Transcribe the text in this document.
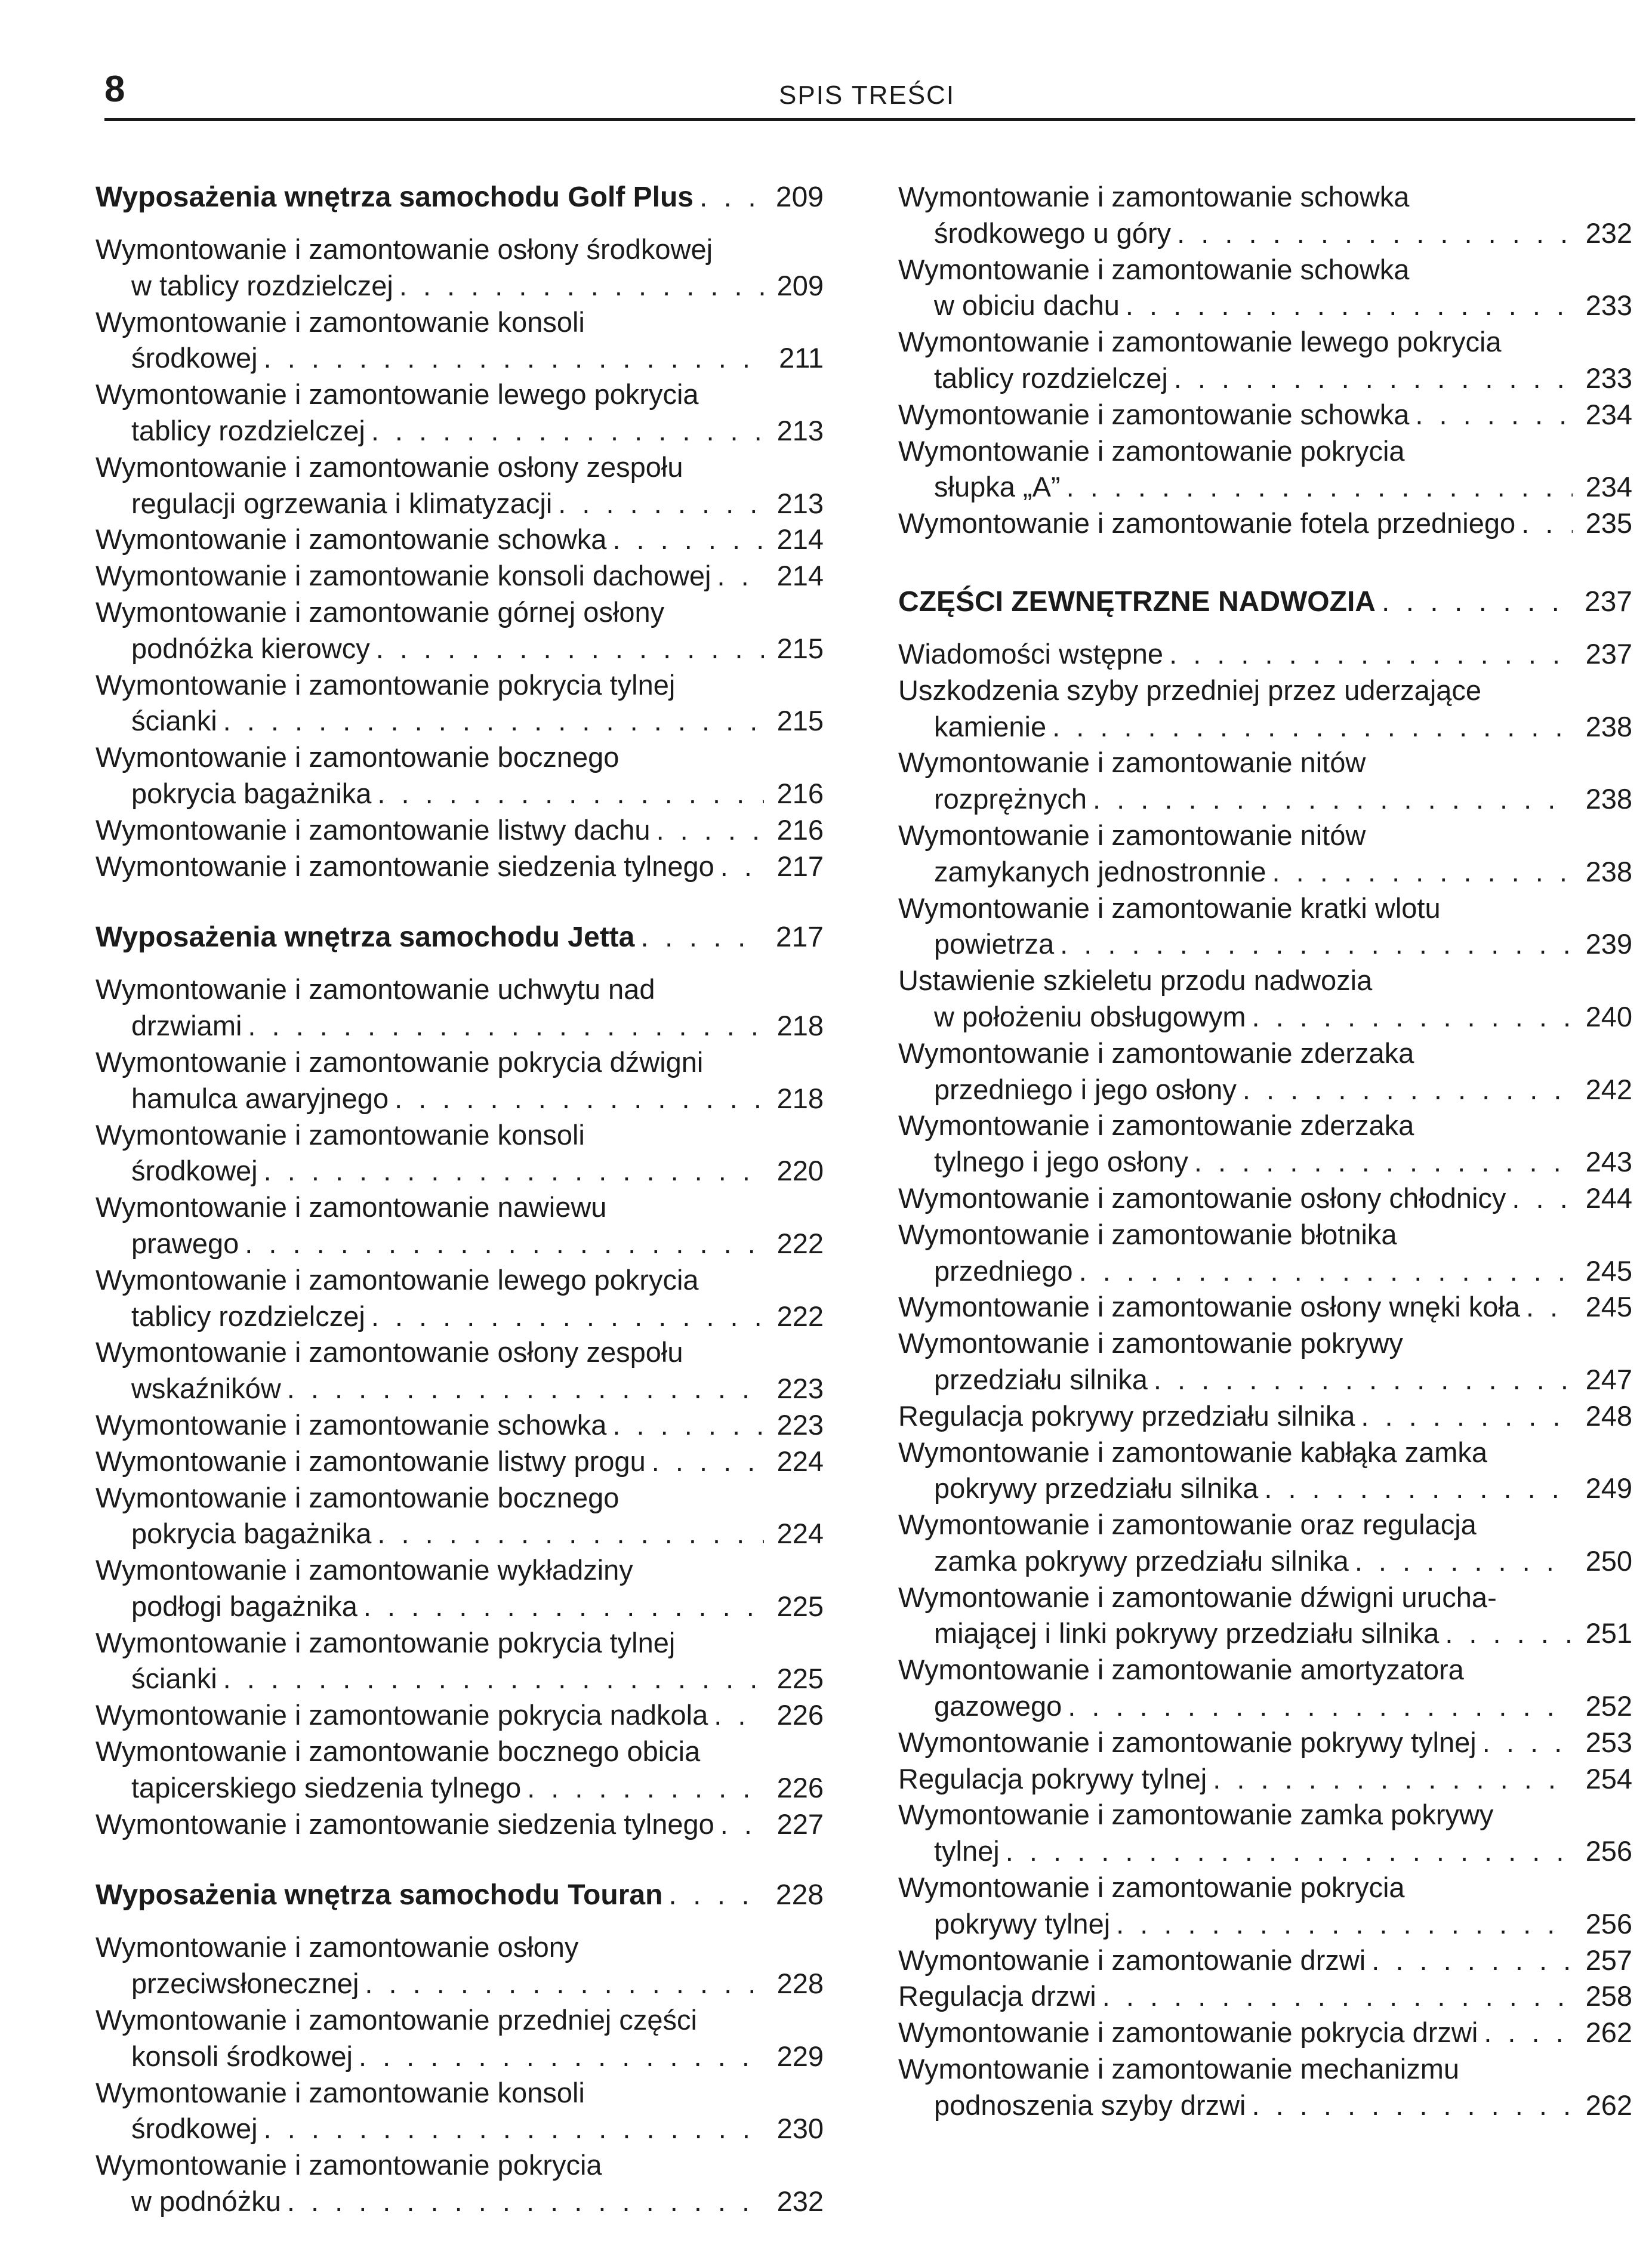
8	SPIS TREŚCI
Wyposażenia wnętrza samochodu Golf Plus . . .	209
Wymontowanie i zamontowanie osłony środkowej
w tablicy rozdzielczej . . .	209
Wymontowanie i zamontowanie konsoli
środkowej . . .	211
Wymontowanie i zamontowanie lewego pokrycia
tablicy rozdzielczej . . .	213
Wymontowanie i zamontowanie osłony zespołu
regulacji ogrzewania i klimatyzacji . . .	213
Wymontowanie i zamontowanie schowka . . .	214
Wymontowanie i zamontowanie konsoli dachowej . . . 214
Wymontowanie i zamontowanie górnej osłony
podnóżka kierowcy . . .	215
Wymontowanie i zamontowanie pokrycia tylnej
ścianki . . .	215
Wymontowanie i zamontowanie bocznego
pokrycia bagażnika . . .	216
Wymontowanie i zamontowanie listwy dachu . . .	216
Wymontowanie i zamontowanie siedzenia tylnego . . . 217
Wyposażenia wnętrza samochodu Jetta . . .	217
Wymontowanie i zamontowanie uchwytu nad
drzwiami . . .	218
Wymontowanie i zamontowanie pokrycia dźwigni
hamulca awaryjnego . . .	218
Wymontowanie i zamontowanie konsoli
środkowej . . .	220
Wymontowanie i zamontowanie nawiewu
prawego . . .	222
Wymontowanie i zamontowanie lewego pokrycia
tablicy rozdzielczej . . .	222
Wymontowanie i zamontowanie osłony zespołu
wskaźników . . .	223
Wymontowanie i zamontowanie schowka . . .	223
Wymontowanie i zamontowanie listwy progu . . .	224
Wymontowanie i zamontowanie bocznego
pokrycia bagażnika . . .	224
Wymontowanie i zamontowanie wykładziny
podłogi bagażnika . . .	225
Wymontowanie i zamontowanie pokrycia tylnej
ścianki . . .	225
Wymontowanie i zamontowanie pokrycia nadkola . . . 226
Wymontowanie i zamontowanie bocznego obicia
tapicerskiego siedzenia tylnego . . .	226
Wymontowanie i zamontowanie siedzenia tylnego . . . 227
Wyposażenia wnętrza samochodu Touran . . .	228
Wymontowanie i zamontowanie osłony
przeciwsłonecznej . . .	228
Wymontowanie i zamontowanie przedniej części
konsoli środkowej . . .	229
Wymontowanie i zamontowanie konsoli
środkowej . . .	230
Wymontowanie i zamontowanie pokrycia
w podnóżku . . .	232
Wymontowanie i zamontowanie schowka
środkowego u góry . . .	232
Wymontowanie i zamontowanie schowka
w obiciu dachu . . .	233
Wymontowanie i zamontowanie lewego pokrycia
tablicy rozdzielczej . . .	233
Wymontowanie i zamontowanie schowka . . .	234
Wymontowanie i zamontowanie pokrycia
słupka „A” . . .	234
Wymontowanie i zamontowanie fotela przedniego . . . 235
CZĘŚCI ZEWNĘTRZNE NADWOZIA . . .	237
Wiadomości wstępne . . .	237
Uszkodzenia szyby przedniej przez uderzające
kamienie . . .	238
Wymontowanie i zamontowanie nitów
rozprężnych . . .	238
Wymontowanie i zamontowanie nitów
zamykanych jednostronnie . . .	238
Wymontowanie i zamontowanie kratki wlotu
powietrza . . .	239
Ustawienie szkieletu przodu nadwozia
w położeniu obsługowym . . .	240
Wymontowanie i zamontowanie zderzaka
przedniego i jego osłony . . .	242
Wymontowanie i zamontowanie zderzaka
tylnego i jego osłony . . .	243
Wymontowanie i zamontowanie osłony chłodnicy . . .	244
Wymontowanie i zamontowanie błotnika
przedniego . . .	245
Wymontowanie i zamontowanie osłony wnęki koła . . . 245
Wymontowanie i zamontowanie pokrywy
przedziału silnika . . .	247
Regulacja pokrywy przedziału silnika . . .	248
Wymontowanie i zamontowanie kabłąka zamka
pokrywy przedziału silnika . . .	249
Wymontowanie i zamontowanie oraz regulacja
zamka pokrywy przedziału silnika . . .	250
Wymontowanie i zamontowanie dźwigni urucha-
miającej i linki pokrywy przedziału silnika . . .	251
Wymontowanie i zamontowanie amortyzatora
gazowego . . .	252
Wymontowanie i zamontowanie pokrywy tylnej . . .	253
Regulacja pokrywy tylnej . . .	254
Wymontowanie i zamontowanie zamka pokrywy
tylnej . . .	256
Wymontowanie i zamontowanie pokrycia
pokrywy tylnej . . .	256
Wymontowanie i zamontowanie drzwi . . .	257
Regulacja drzwi . . .	258
Wymontowanie i zamontowanie pokrycia drzwi . . .	262
Wymontowanie i zamontowanie mechanizmu
podnoszenia szyby drzwi . . .	262
